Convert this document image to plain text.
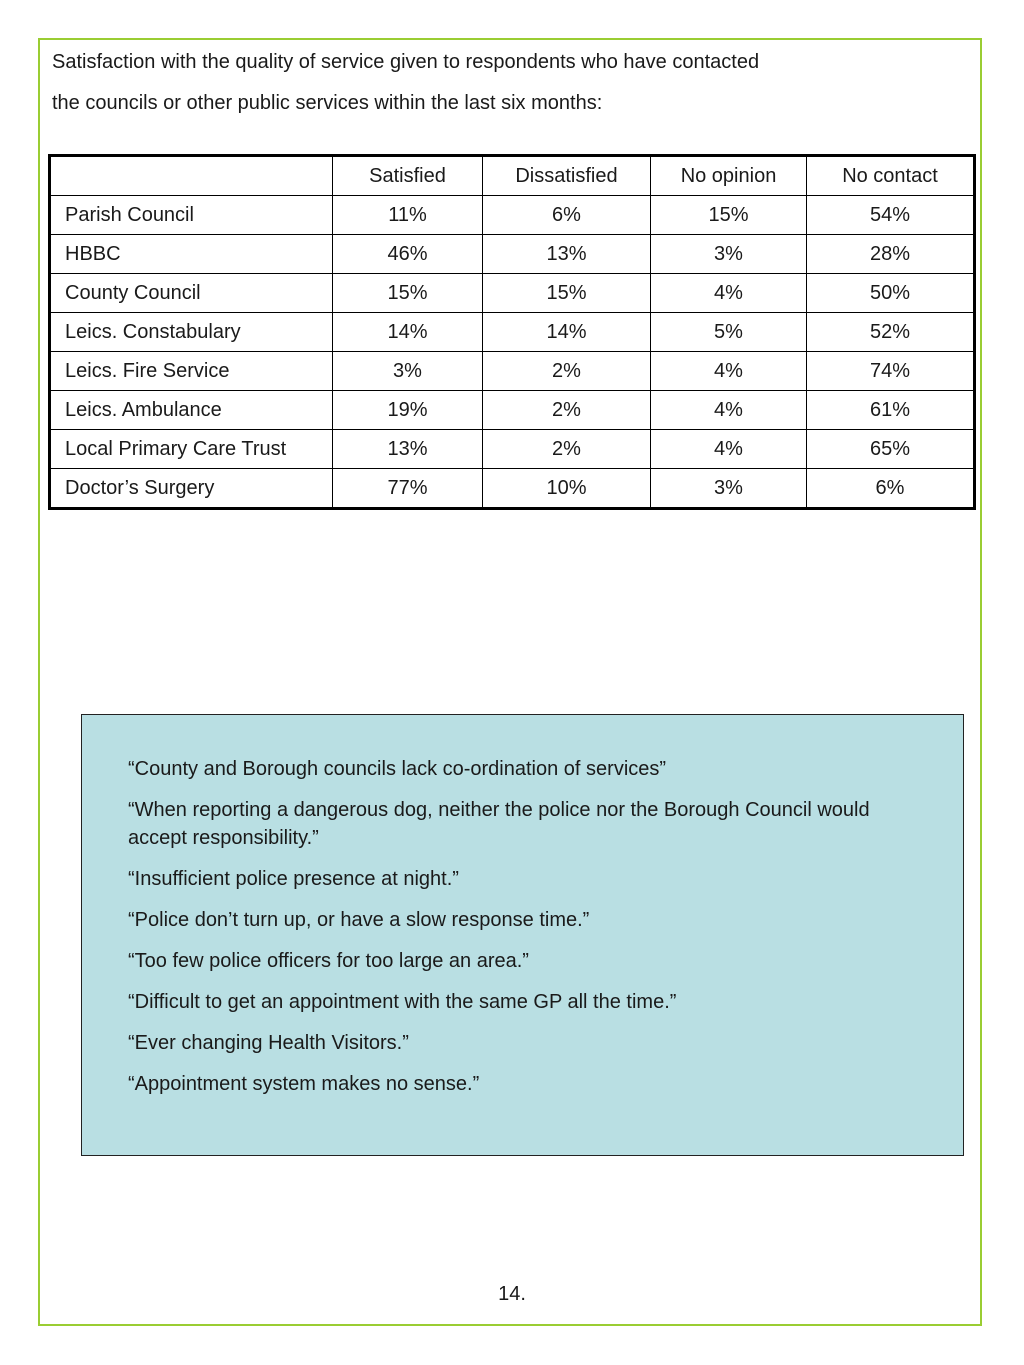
Satisfaction with the quality of service given to respondents who have contacted
the councils or other public services within the last six months:

	Satisfied	Dissatisfied	No opinion	No contact
Parish Council	11%	6%	15%	54%
HBBC	46%	13%	3%	28%
County Council	15%	15%	4%	50%
Leics. Constabulary	14%	14%	5%	52%
Leics. Fire Service	3%	2%	4%	74%
Leics. Ambulance	19%	2%	4%	61%
Local Primary Care Trust	13%	2%	4%	65%
Doctor’s Surgery	77%	10%	3%	6%
“County and Borough councils lack co-ordination of services”
“When reporting a dangerous dog, neither the police nor the Borough Council would accept responsibility.”
“Insufficient police presence at night.”
“Police don’t turn up, or have a slow response time.”
“Too few police officers for too large an area.”
“Difficult to get an appointment with the same GP all the time.”
“Ever changing Health Visitors.”
“Appointment system makes no sense.”
14.
